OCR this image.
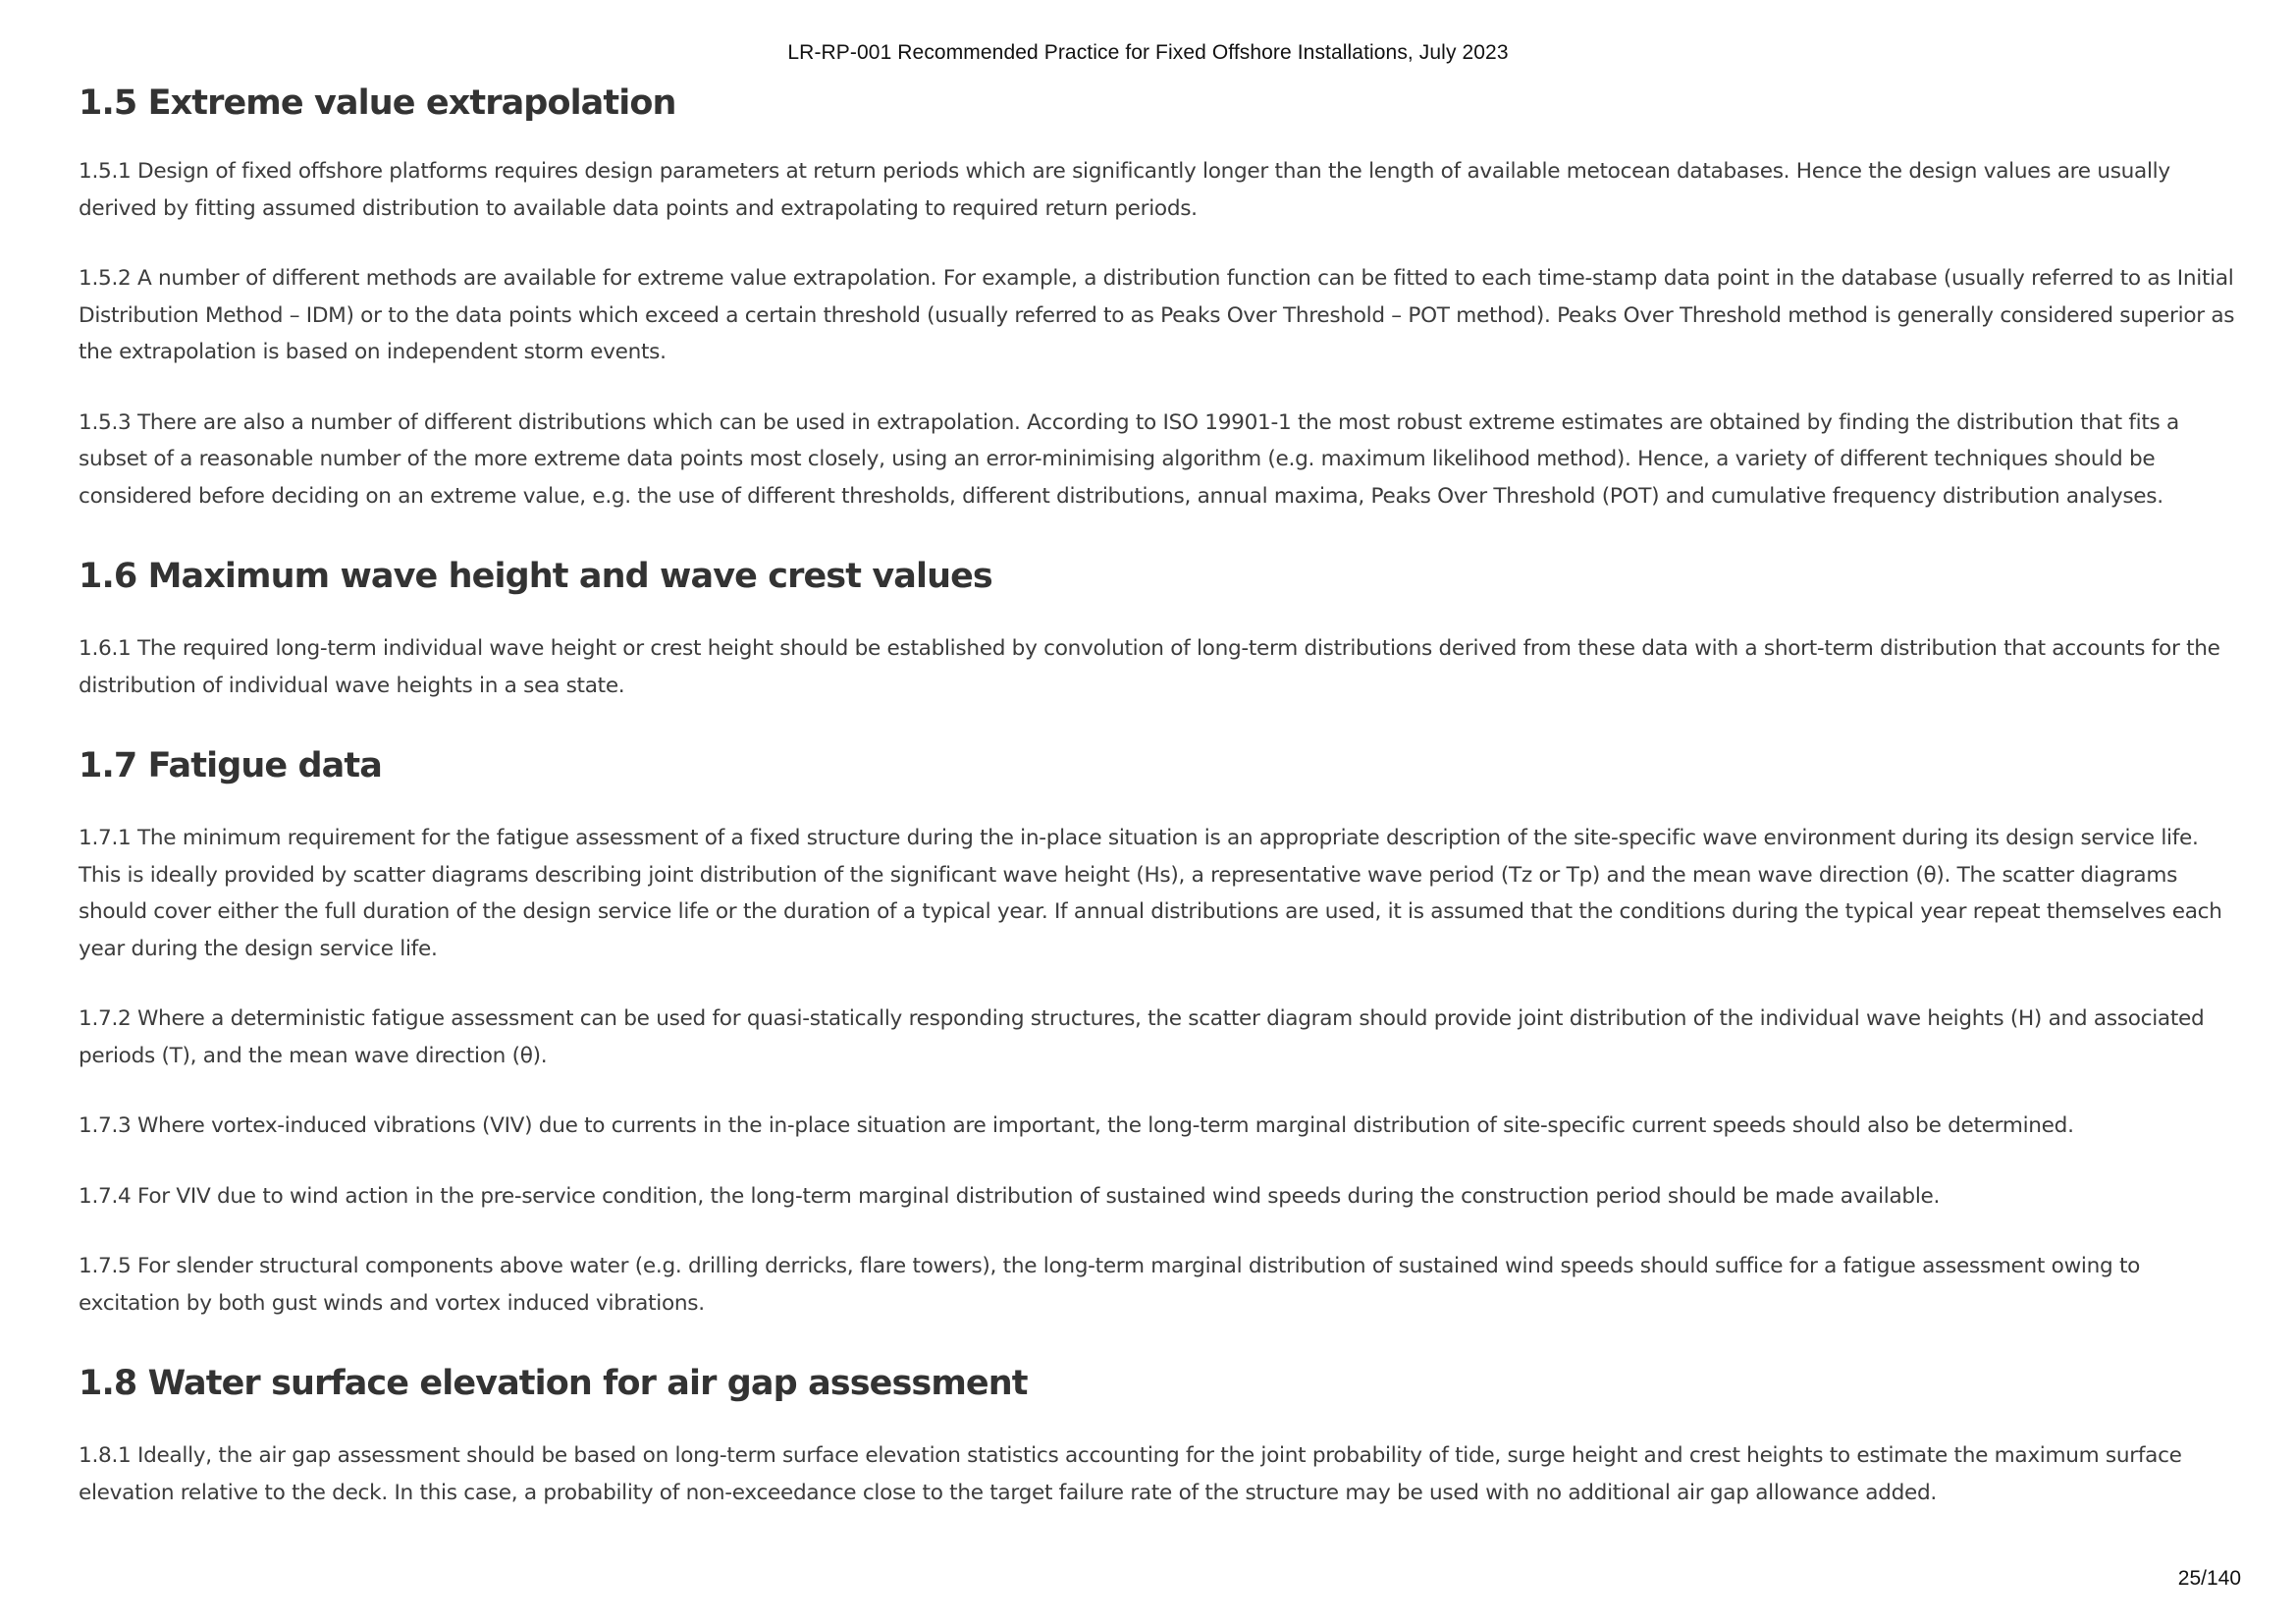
LR-RP-001 Recommended Practice for Fixed Offshore Installations, July 2023
1.5 Extreme value extrapolation

1.5.1 Design of fixed offshore platforms requires design parameters at return periods which are significantly longer than the length of available metocean databases. Hence the design values are usually derived by fitting assumed distribution to available data points and extrapolating to required return periods.

1.5.2 A number of different methods are available for extreme value extrapolation. For example, a distribution function can be fitted to each time-stamp data point in the database (usually referred to as Initial Distribution Method – IDM) or to the data points which exceed a certain threshold (usually referred to as Peaks Over Threshold – POT method). Peaks Over Threshold method is generally considered superior as the extrapolation is based on independent storm events.

1.5.3 There are also a number of different distributions which can be used in extrapolation. According to ISO 19901-1 the most robust extreme estimates are obtained by finding the distribution that fits a subset of a reasonable number of the more extreme data points most closely, using an error-minimising algorithm (e.g. maximum likelihood method). Hence, a variety of different techniques should be considered before deciding on an extreme value, e.g. the use of different thresholds, different distributions, annual maxima, Peaks Over Threshold (POT) and cumulative frequency distribution analyses.

1.6 Maximum wave height and wave crest values

1.6.1 The required long-term individual wave height or crest height should be established by convolution of long-term distributions derived from these data with a short-term distribution that accounts for the distribution of individual wave heights in a sea state.

1.7 Fatigue data

1.7.1 The minimum requirement for the fatigue assessment of a fixed structure during the in-place situation is an appropriate description of the site-specific wave environment during its design service life. This is ideally provided by scatter diagrams describing joint distribution of the significant wave height (Hs), a representative wave period (Tz or Tp) and the mean wave direction (θ). The scatter diagrams should cover either the full duration of the design service life or the duration of a typical year. If annual distributions are used, it is assumed that the conditions during the typical year repeat themselves each year during the design service life.

1.7.2 Where a deterministic fatigue assessment can be used for quasi-statically responding structures, the scatter diagram should provide joint distribution of the individual wave heights (H) and associated periods (T), and the mean wave direction (θ).

1.7.3 Where vortex-induced vibrations (VIV) due to currents in the in-place situation are important, the long-term marginal distribution of site-specific current speeds should also be determined.

1.7.4 For VIV due to wind action in the pre-service condition, the long-term marginal distribution of sustained wind speeds during the construction period should be made available.

1.7.5 For slender structural components above water (e.g. drilling derricks, flare towers), the long-term marginal distribution of sustained wind speeds should suffice for a fatigue assessment owing to excitation by both gust winds and vortex induced vibrations.

1.8 Water surface elevation for air gap assessment

1.8.1 Ideally, the air gap assessment should be based on long-term surface elevation statistics accounting for the joint probability of tide, surge height and crest heights to estimate the maximum surface elevation relative to the deck. In this case, a probability of non-exceedance close to the target failure rate of the structure may be used with no additional air gap allowance added.

25/140
